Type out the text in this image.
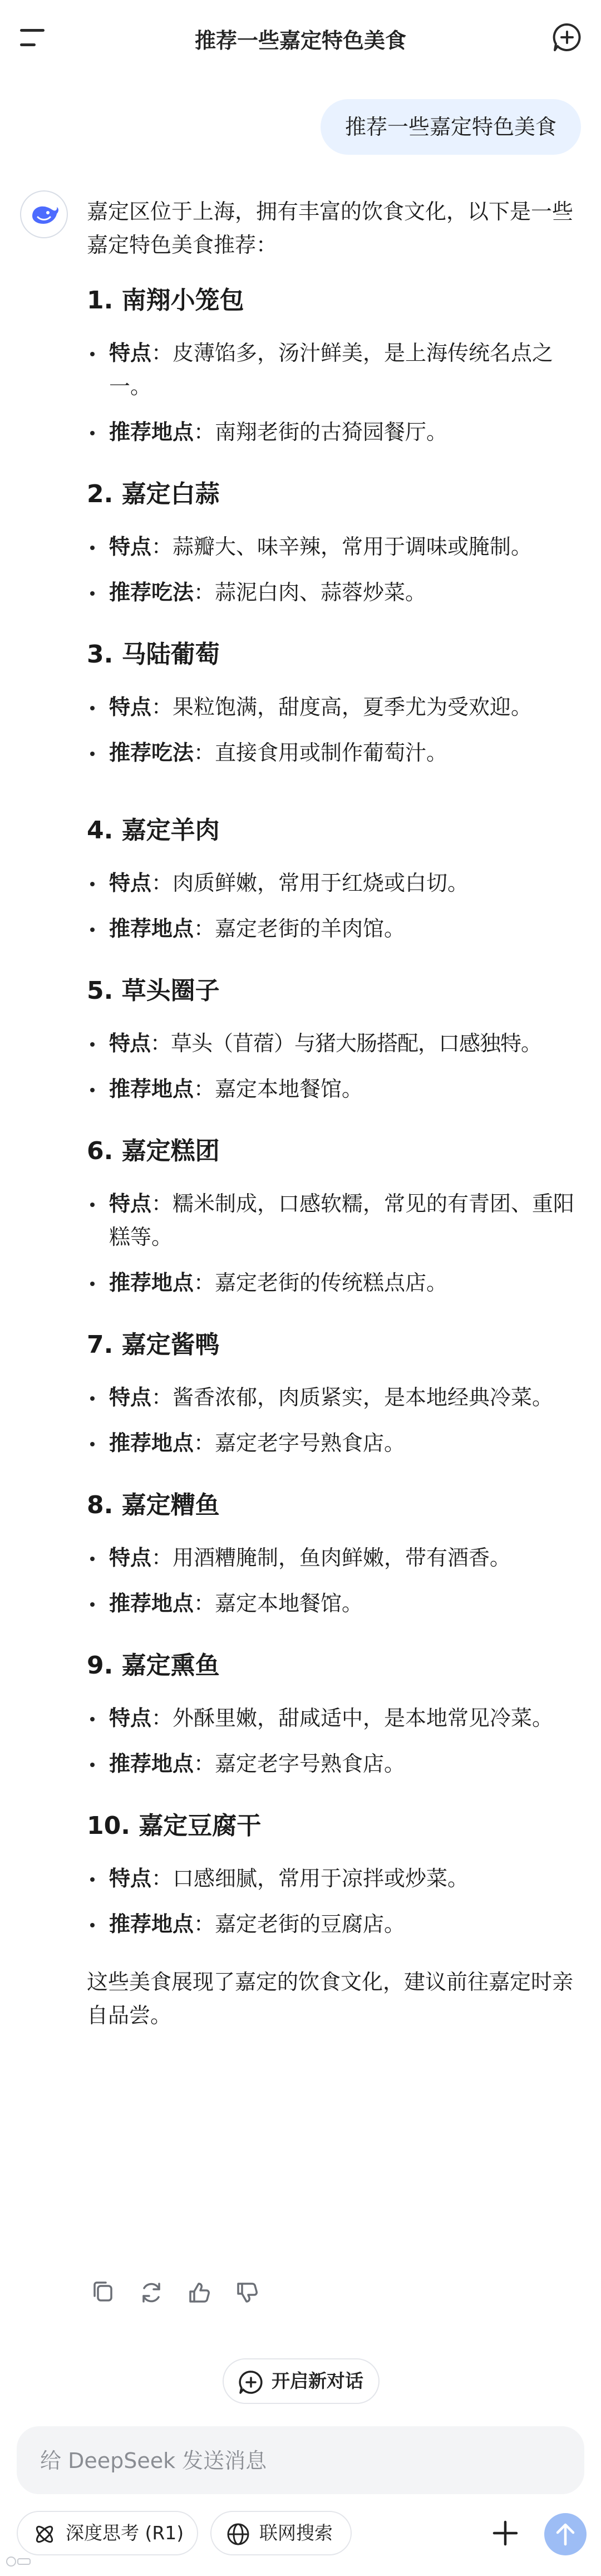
推荐一些嘉定特色美食
推荐一些嘉定特色美食

嘉定区位于上海，拥有丰富的饮食文化，以下是一些嘉定特色美食推荐：

1. 南翔小笼包
特点：皮薄馅多，汤汁鲜美，是上海传统名点之一。
推荐地点：南翔老街的古猗园餐厅。
2. 嘉定白蒜
特点：蒜瓣大、味辛辣，常用于调味或腌制。
推荐吃法：蒜泥白肉、蒜蓉炒菜。
3. 马陆葡萄
特点：果粒饱满，甜度高，夏季尤为受欢迎。
推荐吃法：直接食用或制作葡萄汁。
4. 嘉定羊肉
特点：肉质鲜嫩，常用于红烧或白切。
推荐地点：嘉定老街的羊肉馆。
5. 草头圈子
特点：草头（苜蓿）与猪大肠搭配，口感独特。
推荐地点：嘉定本地餐馆。
6. 嘉定糕团
特点：糯米制成，口感软糯，常见的有青团、重阳糕等。
推荐地点：嘉定老街的传统糕点店。
7. 嘉定酱鸭
特点：酱香浓郁，肉质紧实，是本地经典冷菜。
推荐地点：嘉定老字号熟食店。
8. 嘉定糟鱼
特点：用酒糟腌制，鱼肉鲜嫩，带有酒香。
推荐地点：嘉定本地餐馆。
9. 嘉定熏鱼
特点：外酥里嫩，甜咸适中，是本地常见冷菜。
推荐地点：嘉定老字号熟食店。
10. 嘉定豆腐干
特点：口感细腻，常用于凉拌或炒菜。
推荐地点：嘉定老街的豆腐店。

这些美食展现了嘉定的饮食文化，建议前往嘉定时亲自品尝。

开启新对话
给 DeepSeek 发送消息
深度思考 (R1)	联网搜索
